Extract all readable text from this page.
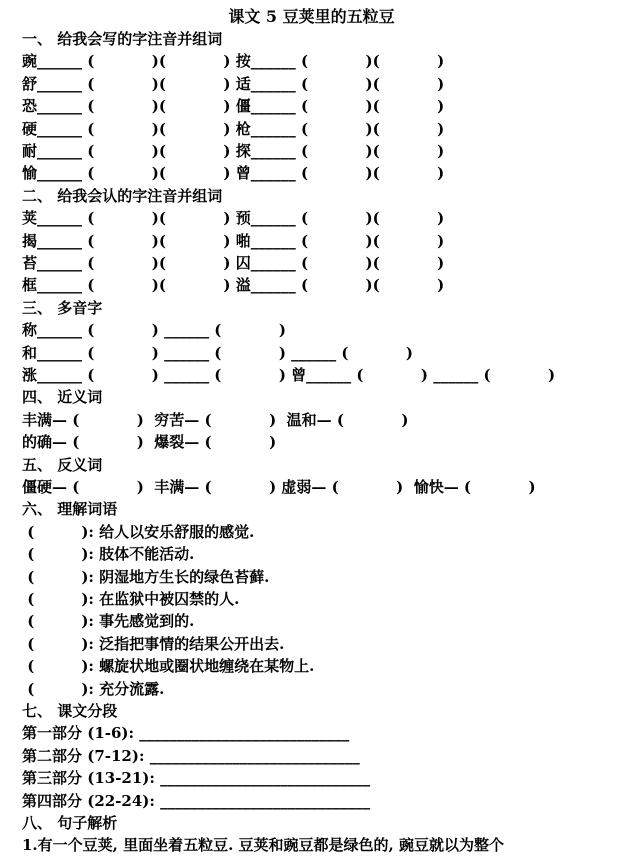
课文 5 豆荚里的五粒豆
一、 给我会写的字注音并组词
豌______ (           )(           ) 按______ (           )(           )
舒______ (           )(           ) 适______ (           )(           )
恐______ (           )(           ) 僵______ (           )(           )
硬______ (           )(           ) 枪______ (           )(           )
耐______ (           )(           ) 探______ (           )(           )
愉______ (           )(           ) 曾______ (           )(           )
二、 给我会认的字注音并组词
荚______ (           )(           ) 预______ (           )(           )
揭______ (           )(           ) 啪______ (           )(           )
苔______ (           )(           ) 囚______ (           )(           )
框______ (           )(           ) 溢______ (           )(           )
三、 多音字
称______ (           ) ______ (           )
和______ (           ) ______ (           ) ______ (           )
涨______ (           ) ______ (           ) 曾______ (           ) ______ (           )
四、 近义词
丰满— (           )  穷苦— (           )  温和— (           )
的确— (           )  爆裂— (           )
五、 反义词
僵硬— (           )  丰满— (           ) 虚弱— (           )  愉快— (           )
六、 理解词语
(         ): 给人以安乐舒服的感觉.
(         ): 肢体不能活动.
(         ): 阴湿地方生长的绿色苔藓.
(         ): 在监狱中被囚禁的人.
(         ): 事先感觉到的.
(         ): 泛指把事情的结果公开出去.
(         ): 螺旋状地或圈状地缠绕在某物上.
(         ): 充分流露.
七、 课文分段
第一部分 (1-6): ____________________________
第二部分 (7-12): ____________________________
第三部分 (13-21): ____________________________
第四部分 (22-24): ____________________________
八、 句子解析
1.有一个豆荚, 里面坐着五粒豆. 豆荚和豌豆都是绿色的, 豌豆就以为整个
